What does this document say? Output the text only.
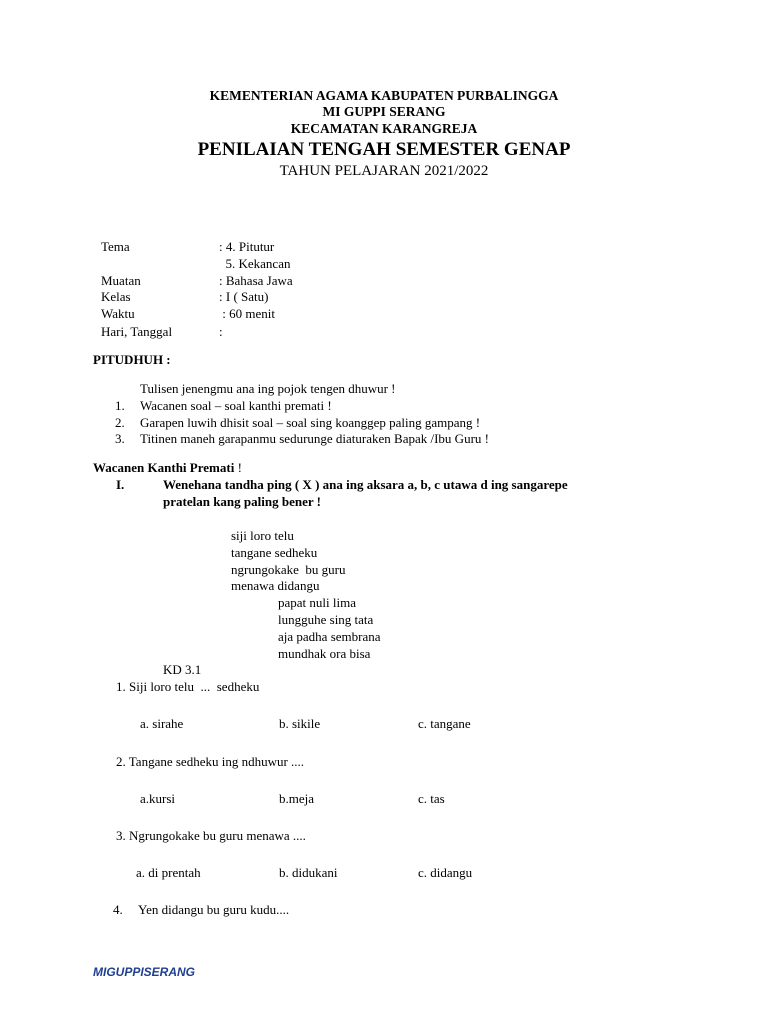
KEMENTERIAN AGAMA KABUPATEN PURBALINGGA
MI GUPPI SERANG
KECAMATAN KARANGREJA
PENILAIAN TENGAH SEMESTER GENAP
TAHUN PELAJARAN 2021/2022
Tema	: 4. Pitutur
5. Kekancan
Muatan	: Bahasa Jawa
Kelas	: I ( Satu)
Waktu	: 60 menit
Hari, Tanggal	:
PITUDHUH :
Tulisen jenengmu ana ing pojok tengen dhuwur !
1. Wacanen soal – soal kanthi premati !
2. Garapen luwih dhisit soal – soal sing koanggep paling gampang !
3. Titinen maneh garapanmu sedurunge diaturaken Bapak /Ibu Guru !
Wacanen Kanthi Premati !
I.	Wenehana tandha ping ( X ) ana ing aksara a, b, c utawa d ing sangarepe
pratelan kang paling bener !
siji loro telu
tangane sedheku
ngrungokake  bu guru
menawa didangu
papat nuli lima
lungguhe sing tata
aja padha sembrana
mundhak ora bisa
KD 3.1
1. Siji loro telu  ...  sedheku
a. sirahe	b. sikile	c. tangane
2. Tangane sedheku ing ndhuwur ....
a.kursi	b.meja	c. tas
3. Ngrungokake bu guru menawa ....
a. di prentah	b. didukani	c. didangu
4. Yen didangu bu guru kudu....
MIGUPPISERANG
